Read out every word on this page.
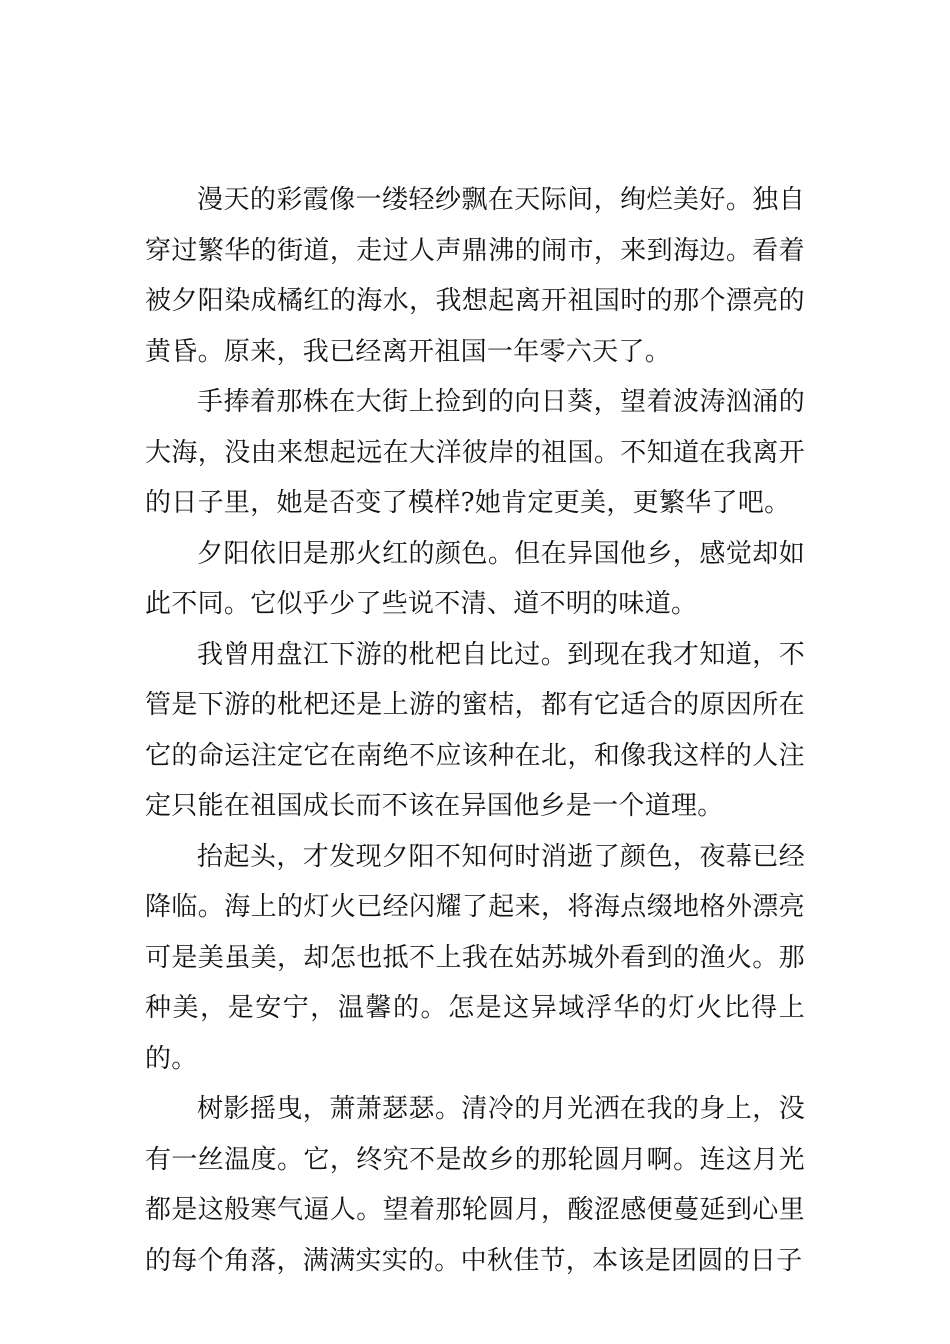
漫天的彩霞像一缕轻纱飘在天际间，绚烂美好。独自穿过繁华的街道，走过人声鼎沸的闹市，来到海边。看着被夕阳染成橘红的海水，我想起离开祖国时的那个漂亮的黄昏。原来，我已经离开祖国一年零六天了。

手捧着那株在大街上捡到的向日葵，望着波涛汹涌的大海，没由来想起远在大洋彼岸的祖国。不知道在我离开的日子里，她是否变了模样?她肯定更美，更繁华了吧。

夕阳依旧是那火红的颜色。但在异国他乡，感觉却如此不同。它似乎少了些说不清、道不明的味道。

我曾用盘江下游的枇杷自比过。到现在我才知道，不管是下游的枇杷还是上游的蜜桔，都有它适合的原因所在它的命运注定它在南绝不应该种在北，和像我这样的人注定只能在祖国成长而不该在异国他乡是一个道理。

抬起头，才发现夕阳不知何时消逝了颜色，夜幕已经降临。海上的灯火已经闪耀了起来，将海点缀地格外漂亮可是美虽美，却怎也抵不上我在姑苏城外看到的渔火。那种美，是安宁，温馨的。怎是这异域浮华的灯火比得上的。

树影摇曳，萧萧瑟瑟。清冷的月光洒在我的身上，没有一丝温度。它，终究不是故乡的那轮圆月啊。连这月光都是这般寒气逼人。望着那轮圆月，酸涩感便蔓延到心里的每个角落，满满实实的。中秋佳节，本该是团圆的日子
